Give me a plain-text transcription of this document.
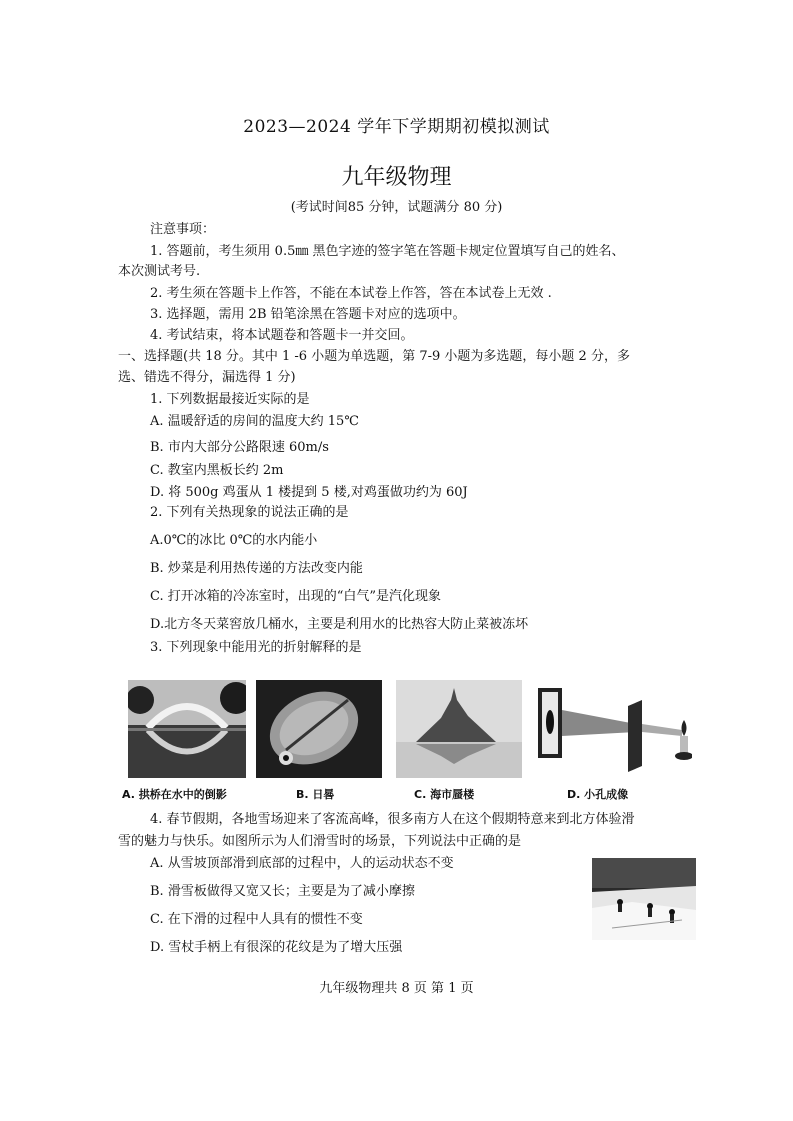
2023—2024 学年下学期期初模拟测试
九年级物理
(考试时间85 分钟，试题满分 80 分)
注意事项：
1. 答题前，考生须用 0.5㎜ 黑色字迹的签字笔在答题卡规定位置填写自己的姓名、
本次测试考号.
2. 考生须在答题卡上作答，不能在本试卷上作答，答在本试卷上无效 .
3. 选择题，需用 2B 铅笔涂黑在答题卡对应的选项中。
4. 考试结束，将本试题卷和答题卡一并交回。
一、选择题(共 18 分。其中 1 -6 小题为单选题，第 7-9 小题为多选题，每小题 2 分，多
选、错选不得分，漏选得 1 分)
1. 下列数据最接近实际的是
A. 温暖舒适的房间的温度大约 15℃
B. 市内大部分公路限速 60m/s
C. 教室内黑板长约 2m
D. 将 500g 鸡蛋从 1 楼提到 5 楼,对鸡蛋做功约为 60J
2. 下列有关热现象的说法正确的是
A.0℃的冰比 0℃的水内能小
B. 炒菜是利用热传递的方法改变内能
C. 打开冰箱的冷冻室时，出现的“白气”是汽化现象
D.北方冬天菜窖放几桶水，主要是利用水的比热容大防止菜被冻坏
3. 下列现象中能用光的折射解释的是
A. 拱桥在水中的倒影	B. 日晷	C. 海市蜃楼	D. 小孔成像
4. 春节假期，各地雪场迎来了客流高峰，很多南方人在这个假期特意来到北方体验滑
雪的魅力与快乐。如图所示为人们滑雪时的场景，下列说法中正确的是
A. 从雪坡顶部滑到底部的过程中，人的运动状态不变
B. 滑雪板做得又宽又长；主要是为了减小摩擦
C. 在下滑的过程中人具有的惯性不变
D. 雪杖手柄上有很深的花纹是为了增大压强
九年级物理共 8 页 第 1 页
